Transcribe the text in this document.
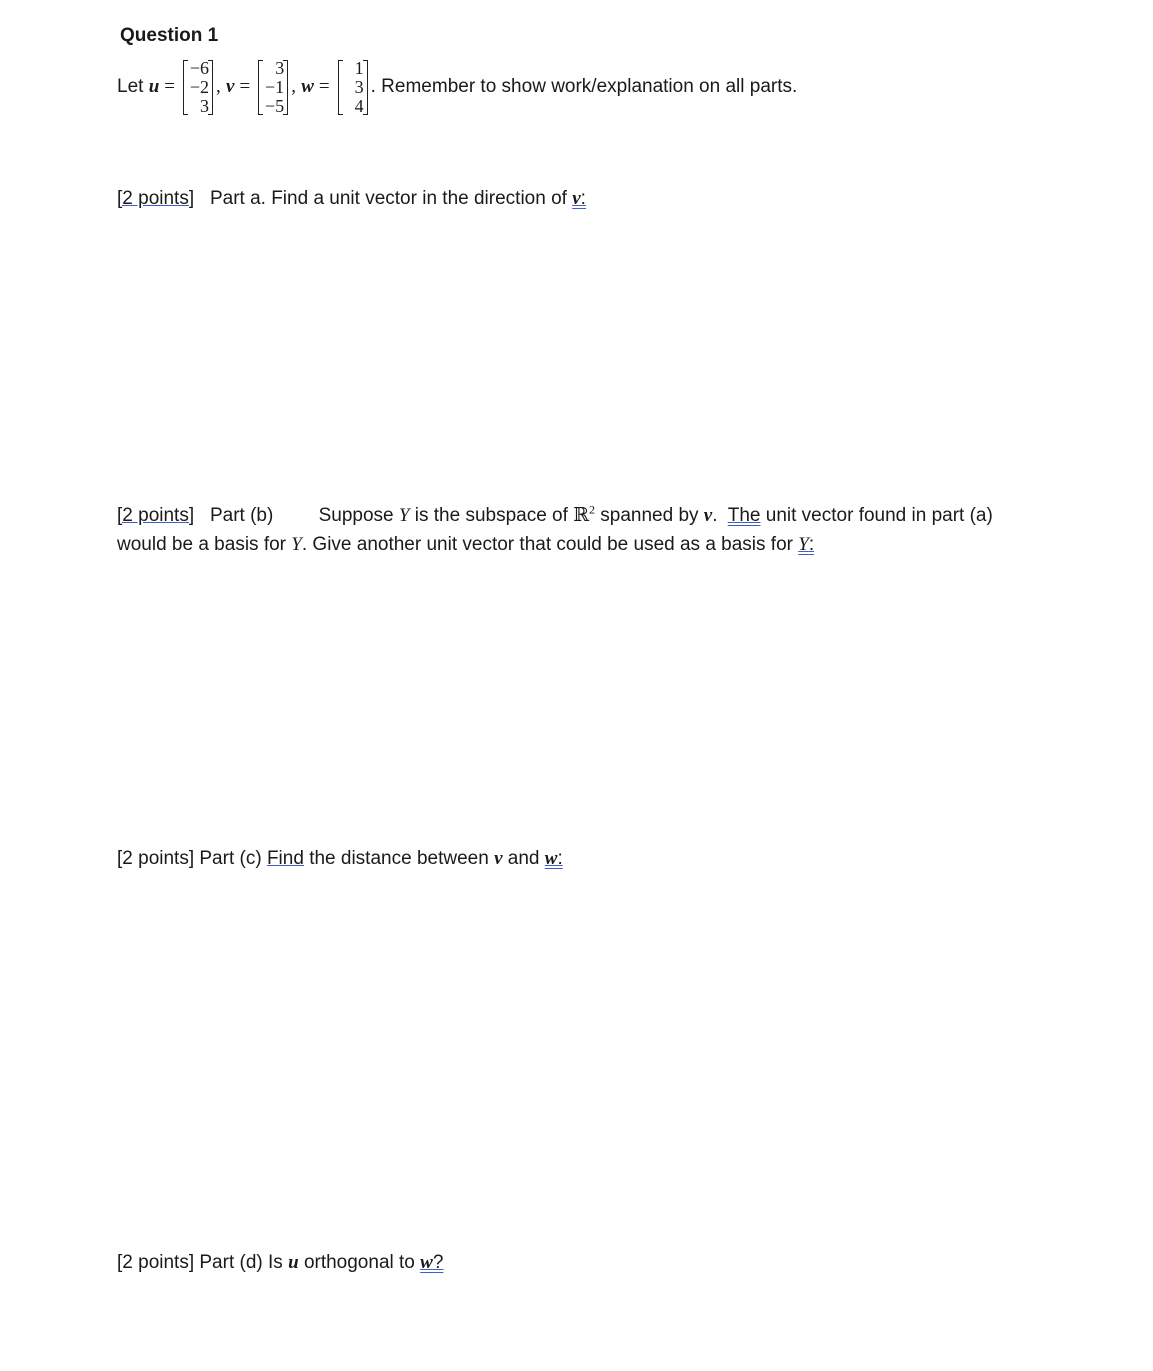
Question 1
Let
u =
−6
−2
3
,
v =
3
−1
−5
,
w =
1
3
4
. Remember to show work/explanation on all parts.
[2 points] Part a. Find a unit vector in the direction of v:
[2 points] Part (b) Suppose Y is the subspace of ℝ$^2$ spanned by v. The unit vector found in part (a)
would be a basis for Y. Give another unit vector that could be used as a basis for Y:
[2 points] Part (c) Find the distance between v and w:
[2 points] Part (d) Is u orthogonal to w?
